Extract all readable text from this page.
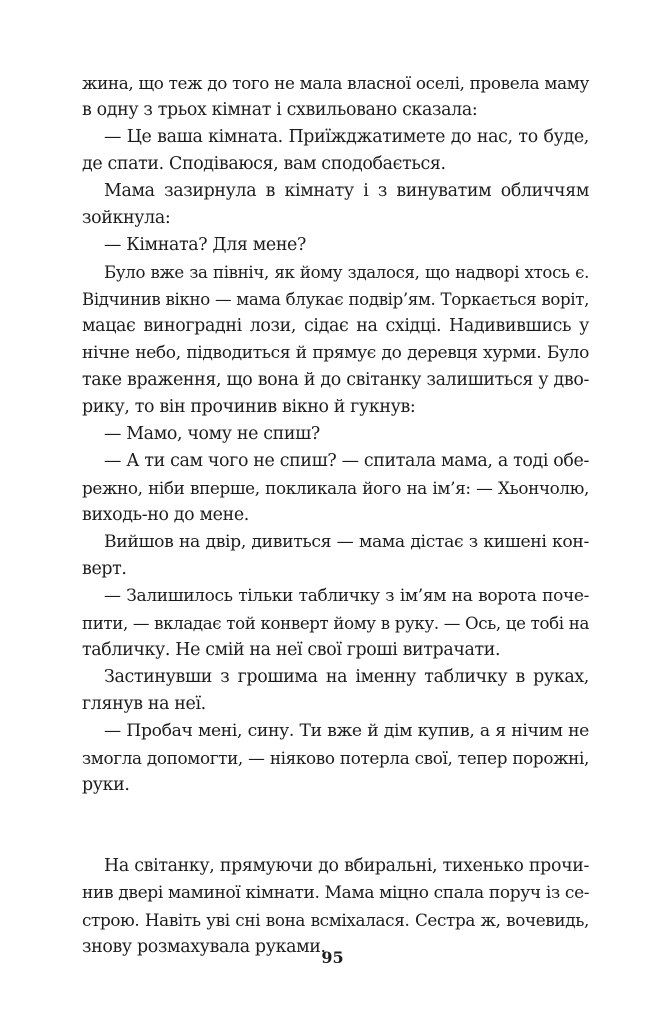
жина, що теж до того не мала власної оселі, провела маму
в одну з трьох кімнат і схвильовано сказала:
— Це ваша кімната. Приїжджатимете до нас, то буде,
де спати. Сподіваюся, вам сподобається.
Мама зазирнула в кімнату і з винуватим обличчям
зойкнула:
— Кімната? Для мене?
Було вже за північ, як йому здалося, що надворі хтось є.
Відчинив вікно — мама блукає подвір’ям. Торкається воріт,
мацає виноградні лози, сідає на східці. Надивившись у
нічне небо, підводиться й прямує до деревця хурми. Було
таке враження, що вона й до світанку залишиться у дво-
рику, то він прочинив вікно й гукнув:
— Мамо, чому не спиш?
— А ти сам чого не спиш? — спитала мама, а тоді обе-
режно, ніби вперше, покликала його на ім’я: — Хьончолю,
виходь-но до мене.
Вийшов на двір, дивиться — мама дістає з кишені кон-
верт.
— Залишилось тільки табличку з ім’ям на ворота поче-
пити, — вкладає той конверт йому в руку. — Ось, це тобі на
табличку. Не смій на неї свої гроші витрачати.
Застинувши з грошима на іменну табличку в руках,
глянув на неї.
— Пробач мені, сину. Ти вже й дім купив, а я нічим не
змогла допомогти, — ніяково потерла свої, тепер порожні,
руки.
На світанку, прямуючи до вбиральні, тихенько прочи-
нив двері маминої кімнати. Мама міцно спала поруч із се-
строю. Навіть уві сні вона всміхалася. Сестра ж, вочевидь,
знову розмахувала руками.
95
